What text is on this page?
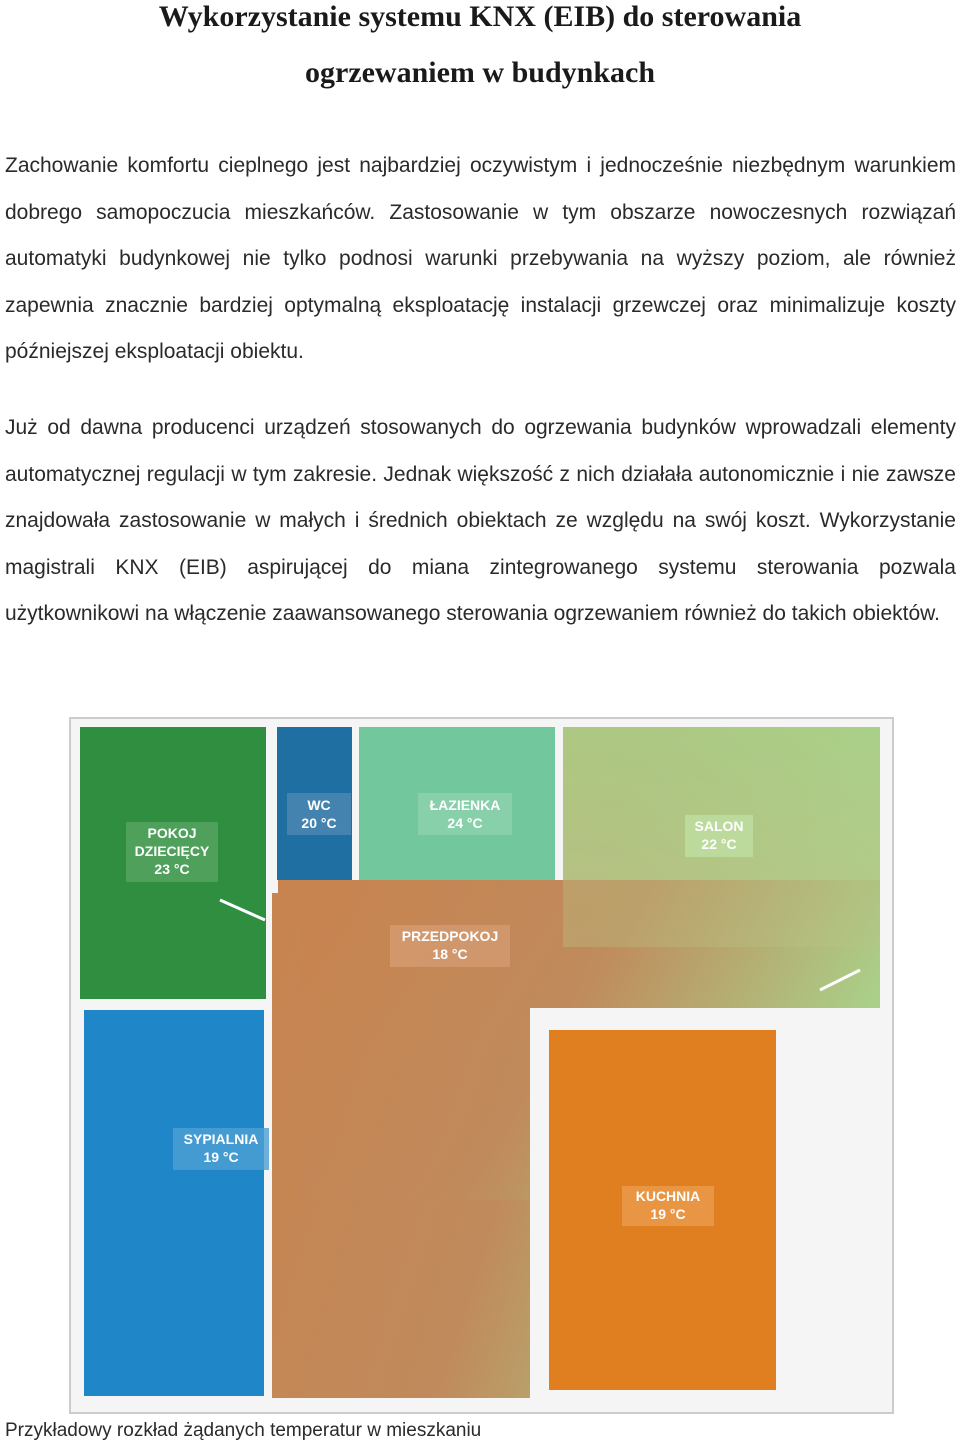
Wykorzystanie systemu KNX (EIB) do sterowania
ogrzewaniem w budynkach

Zachowanie komfortu cieplnego jest najbardziej oczywistym i jednocześnie niezbędnym warunkiem dobrego samopoczucia mieszkańców. Zastosowanie w tym obszarze nowoczesnych rozwiązań automatyki budynkowej nie tylko podnosi warunki przebywania na wyższy poziom, ale również zapewnia znacznie bardziej optymalną eksploatację instalacji grzewczej oraz minimalizuje koszty późniejszej eksploatacji obiektu.

Już od dawna producenci urządzeń stosowanych do ogrzewania budynków wprowadzali elementy automatycznej regulacji w tym zakresie. Jednak większość z nich działała autonomicznie i nie zawsze znajdowała zastosowanie w małych i średnich obiektach ze względu na swój koszt. Wykorzystanie magistrali KNX (EIB) aspirującej do miana zintegrowanego systemu sterowania pozwala użytkownikowi na włączenie zaawansowanego sterowania ogrzewaniem również do takich obiektów.

POKOJ
DZIECIĘCY
23 °C
WC
20 °C
ŁAZIENKA
24 °C	SALON
22 °C
PRZEDPOKOJ
18 °C
SYPIALNIA
19 °C
KUCHNIA
19 °C

Przykładowy rozkład żądanych temperatur w mieszkaniu
